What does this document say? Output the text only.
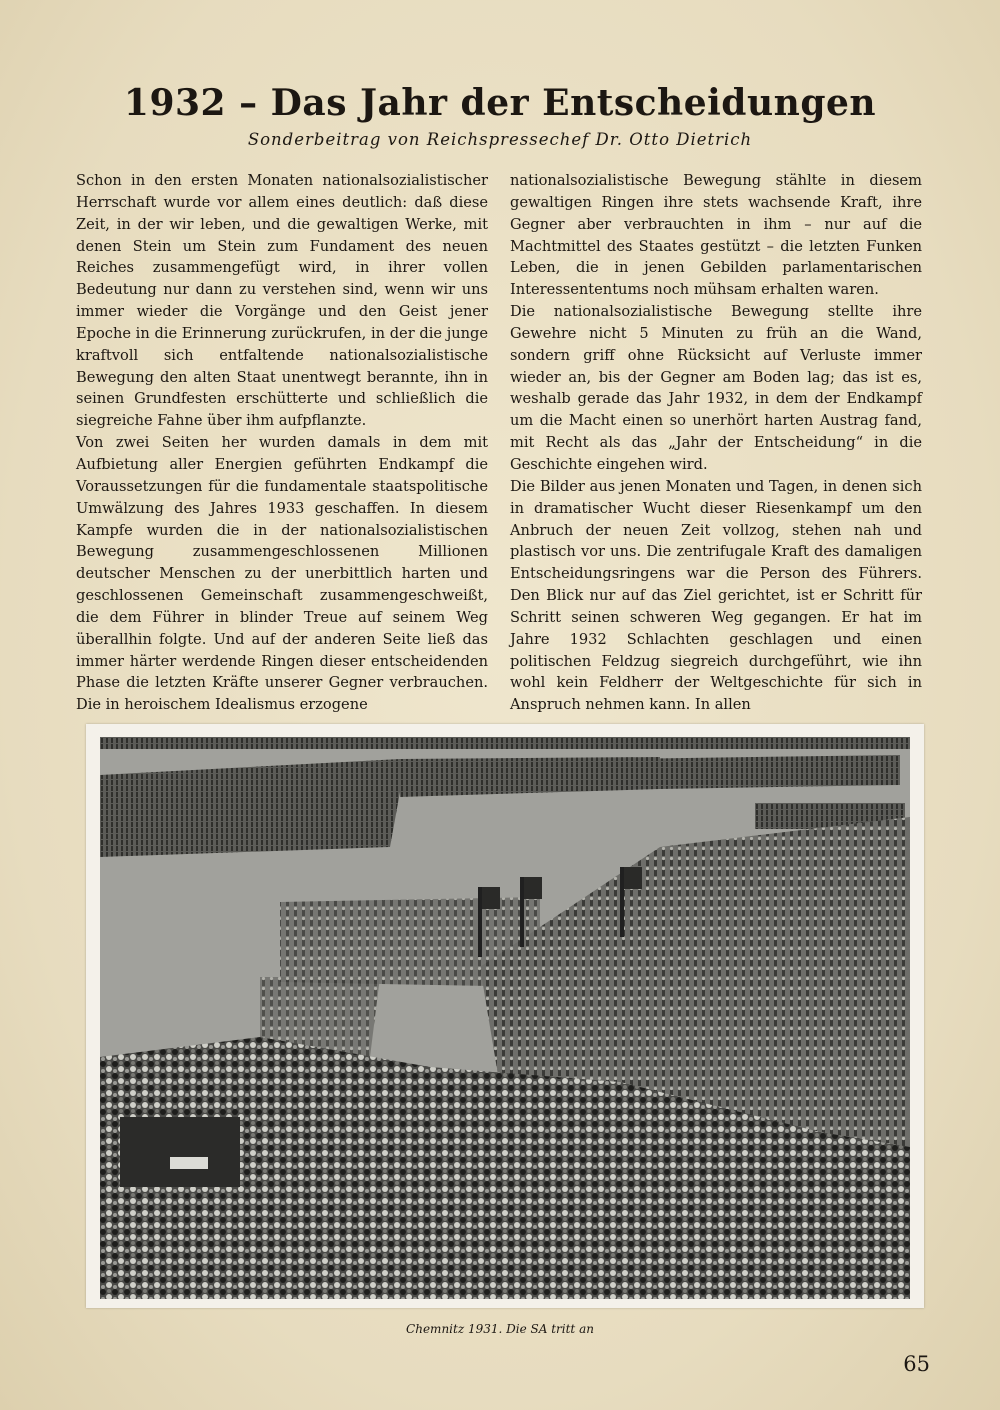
1932 – Das Jahr der Entscheidungen
Sonderbeitrag von Reichspressechef Dr. Otto Dietrich

Schon in den ersten Monaten nationalsozialistischer Herrschaft wurde vor allem eines deutlich: daß diese Zeit, in der wir leben, und die gewaltigen Werke, mit denen Stein um Stein zum Fundament des neuen Reiches zusammengefügt wird, in ihrer vollen Bedeutung nur dann zu verstehen sind, wenn wir uns immer wieder die Vorgänge und den Geist jener Epoche in die Erinnerung zurückrufen, in der die junge kraftvoll sich entfaltende nationalsozialistische Bewegung den alten Staat unentwegt berannte, ihn in seinen Grundfesten erschütterte und schließlich die siegreiche Fahne über ihm aufpflanzte.

Von zwei Seiten her wurden damals in dem mit Aufbietung aller Energien geführten Endkampf die Voraussetzungen für die fundamentale staatspolitische Umwälzung des Jahres 1933 geschaffen. In diesem Kampfe wurden die in der nationalsozialistischen Bewegung zusammengeschlossenen Millionen deutscher Menschen zu der unerbittlich harten und geschlossenen Gemeinschaft zusammengeschweißt, die dem Führer in blinder Treue auf seinem Weg überallhin folgte. Und auf der anderen Seite ließ das immer härter werdende Ringen dieser entscheidenden Phase die letzten Kräfte unserer Gegner verbrauchen. Die in heroischem Idealismus erzogene

nationalsozialistische Bewegung stählte in diesem gewaltigen Ringen ihre stets wachsende Kraft, ihre Gegner aber verbrauchten in ihm – nur auf die Machtmittel des Staates gestützt – die letzten Funken Leben, die in jenen Gebilden parlamentarischen Interessententums noch mühsam erhalten waren.

Die nationalsozialistische Bewegung stellte ihre Gewehre nicht 5 Minuten zu früh an die Wand, sondern griff ohne Rücksicht auf Verluste immer wieder an, bis der Gegner am Boden lag; das ist es, weshalb gerade das Jahr 1932, in dem der Endkampf um die Macht einen so unerhört harten Austrag fand, mit Recht als das „Jahr der Entscheidung“ in die Geschichte eingehen wird.

Die Bilder aus jenen Monaten und Tagen, in denen sich in dramatischer Wucht dieser Riesenkampf um den Anbruch der neuen Zeit vollzog, stehen nah und plastisch vor uns. Die zentrifugale Kraft des damaligen Entscheidungsringens war die Person des Führers. Den Blick nur auf das Ziel gerichtet, ist er Schritt für Schritt seinen schweren Weg gegangen. Er hat im Jahre 1932 Schlachten geschlagen und einen politischen Feldzug siegreich durchgeführt, wie ihn wohl kein Feldherr der Weltgeschichte für sich in Anspruch nehmen kann. In allen

Chemnitz 1931. Die SA tritt an
65
